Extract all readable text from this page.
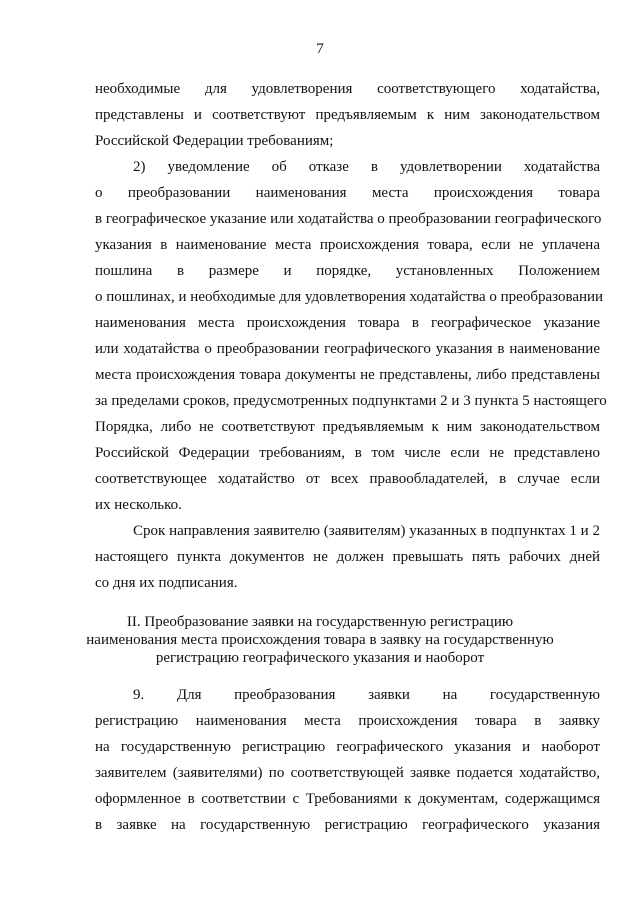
7
необходимые для удовлетворения соответствующего ходатайства,
представлены и соответствуют предъявляемым к ним законодательством
Российской Федерации требованиям;
2) уведомление об отказе в удовлетворении ходатайства
о преобразовании наименования места происхождения товара
в географическое указание или ходатайства о преобразовании географического
указания в наименование места происхождения товара, если не уплачена
пошлина в размере и порядке, установленных Положением
о пошлинах, и необходимые для удовлетворения ходатайства о преобразовании
наименования места происхождения товара в географическое указание
или ходатайства о преобразовании географического указания в наименование
места происхождения товара документы не представлены, либо представлены
за пределами сроков, предусмотренных подпунктами 2 и 3 пункта 5 настоящего
Порядка, либо не соответствуют предъявляемым к ним законодательством
Российской Федерации требованиям, в том числе если не представлено
соответствующее ходатайство от всех правообладателей, в случае если
их несколько.
Срок направления заявителю (заявителям) указанных в подпунктах 1 и 2
настоящего пункта документов не должен превышать пять рабочих дней
со дня их подписания.
II. Преобразование заявки на государственную регистрацию
наименования места происхождения товара в заявку на государственную
регистрацию географического указания и наоборот
9. Для преобразования заявки на государственную
регистрацию наименования места происхождения товара в заявку
на государственную регистрацию географического указания и наоборот
заявителем (заявителями) по соответствующей заявке подается ходатайство,
оформленное в соответствии с Требованиями к документам, содержащимся
в заявке на государственную регистрацию географического указания
